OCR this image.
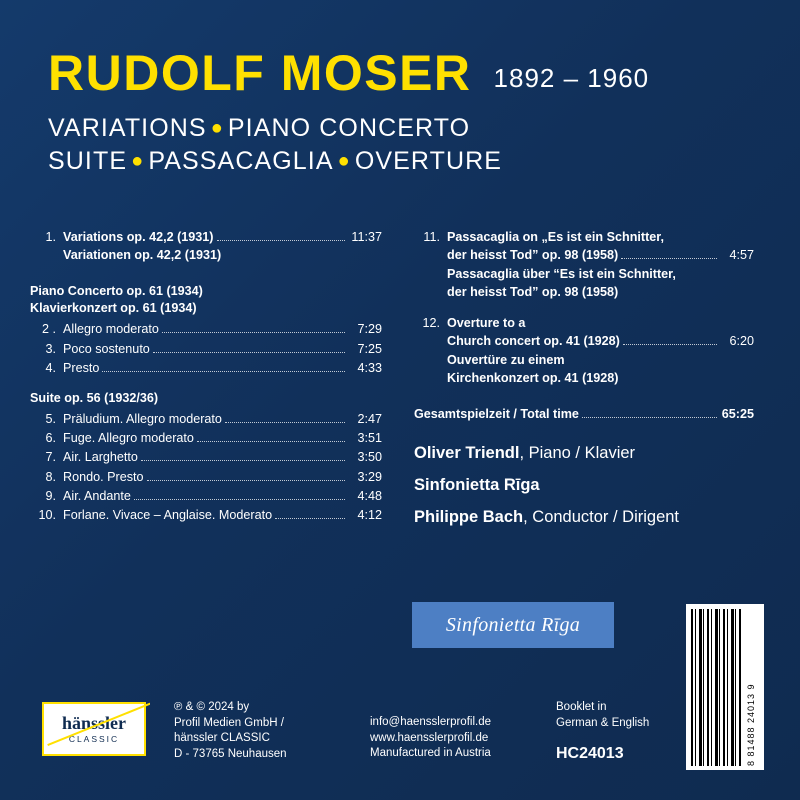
RUDOLF MOSER 1892 – 1960
VARIATIONS ● PIANO CONCERTO
SUITE ● PASSACAGLIA ● OVERTURE
1. Variations op. 42,2 (1931)	11:37
Variationen op. 42,2 (1931)
Piano Concerto op. 61 (1934)
Klavierkonzert op. 61 (1934)
2 . Allegro moderato	7:29
3. Poco sostenuto	7:25
4. Presto	4:33
Suite op. 56 (1932/36)
5. Präludium. Allegro moderato	2:47
6. Fuge. Allegro moderato	3:51
7. Air. Larghetto	3:50
8. Rondo. Presto	3:29
9. Air. Andante	4:48
10. Forlane. Vivace – Anglaise. Moderato	4:12
11. Passacaglia on „Es ist ein Schnitter,
der heisst Tod” op. 98 (1958)	4:57
Passacaglia über “Es ist ein Schnitter,
der heisst Tod” op. 98 (1958)
12. Overture to a
Church concert op. 41 (1928)	6:20
Ouvertüre zu einem
Kirchenkonzert op. 41 (1928)
Gesamtspielzeit / Total time	65:25
Oliver Triendl, Piano / Klavier
Sinfonietta Rīga
Philippe Bach, Conductor / Dirigent
Sinfonietta Rīga
8 81488 24013 9
hänssler
CLASSIC
℗ & © 2024 by
Profil Medien GmbH /
hänssler CLASSIC
D - 73765 Neuhausen
info@haensslerprofil.de
www.haensslerprofil.de
Manufactured in Austria
Booklet in
German & English
HC24013
